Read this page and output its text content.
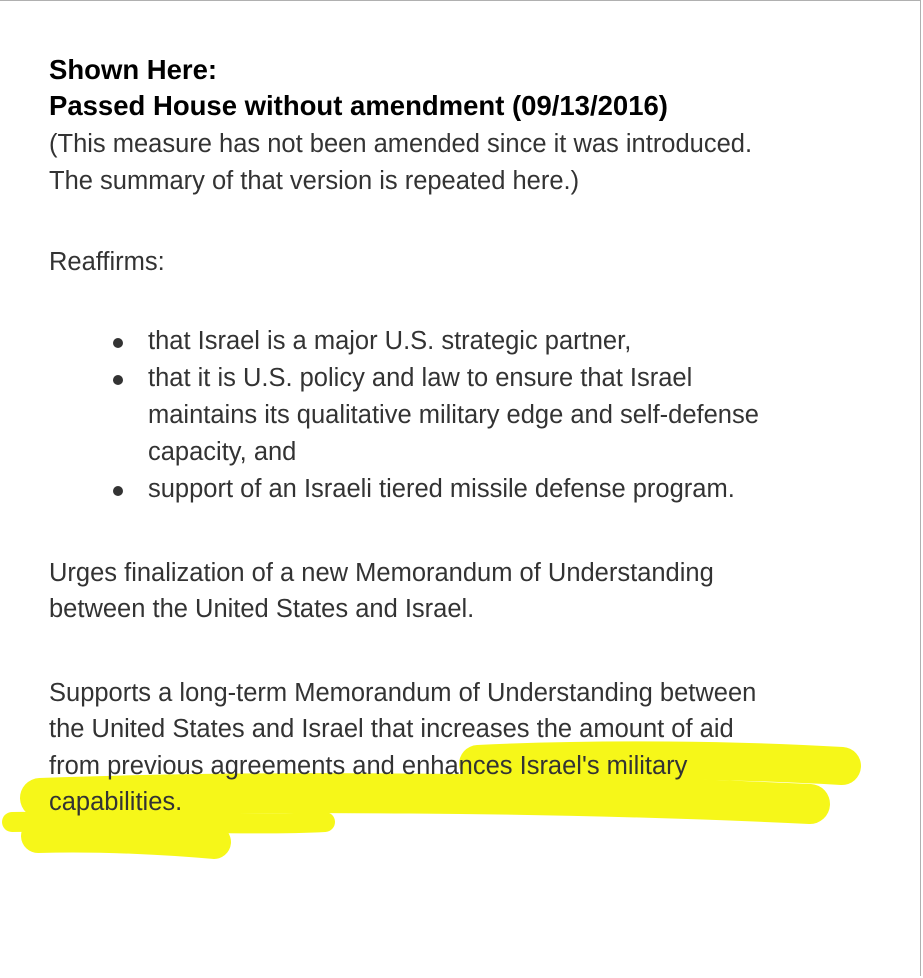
Shown Here:

Passed House without amendment (09/13/2016)

(This measure has not been amended since it was introduced.
The summary of that version is repeated here.)

Reaffirms:

that Israel is a major U.S. strategic partner,
that it is U.S. policy and law to ensure that Israel
maintains its qualitative military edge and self-defense
capacity, and
support of an Israeli tiered missile defense program.

Urges finalization of a new Memorandum of Understanding
between the United States and Israel.

Supports a long-term Memorandum of Understanding between
the United States and Israel that increases the amount of aid
from previous agreements and enhances Israel's military
capabilities.
